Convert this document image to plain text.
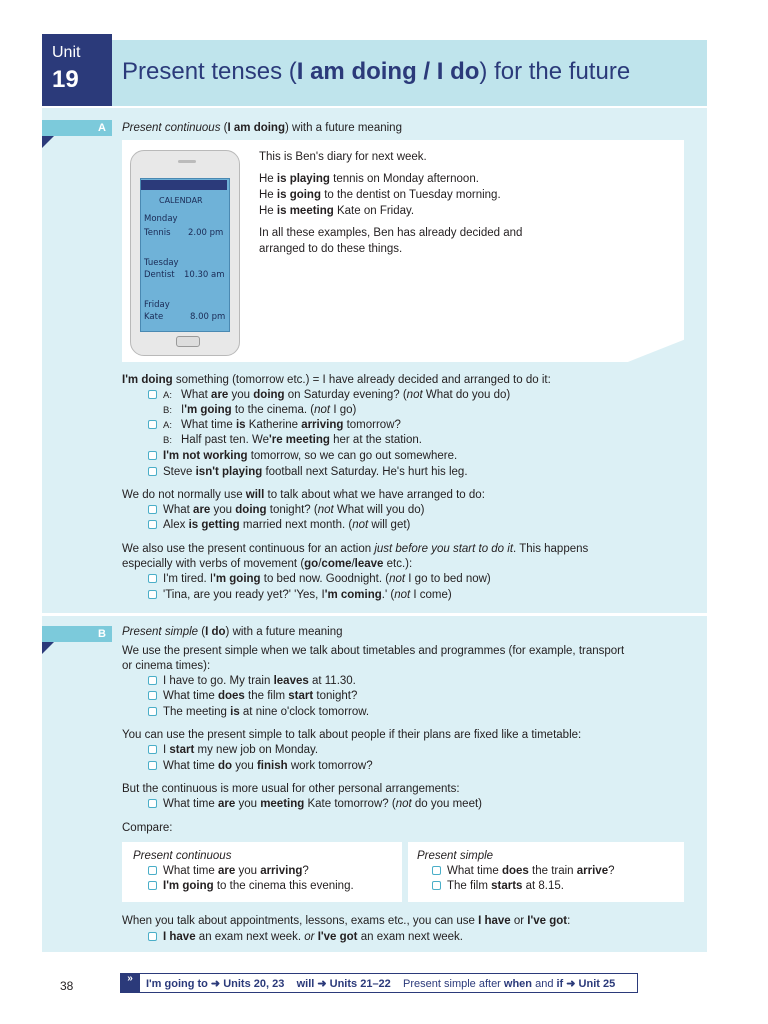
Unit
19 Present tenses (I am doing / I do) for the future
A	Present continuous (I am doing) with a future meaning
CALENDAR
Monday
Tennis 2.00 pm
Tuesday
Dentist 10.30 am
Friday
Kate	8.00 pm
This is Ben's diary for next week.
He is playing tennis on Monday afternoon.
He is going to the dentist on Tuesday morning.
He is meeting Kate on Friday.
In all these examples, Ben has already decided and
arranged to do these things.
I'm doing something (tomorrow etc.) = I have already decided and arranged to do it:
A: What are you doing on Saturday evening? (not What do you do)
B: I'm going to the cinema. (not I go)
A: What time is Katherine arriving tomorrow?
B: Half past ten. We're meeting her at the station.
I'm not working tomorrow, so we can go out somewhere.
Steve isn't playing football next Saturday. He's hurt his leg.
We do not normally use will to talk about what we have arranged to do:
What are you doing tonight? (not What will you do)
Alex is getting married next month. (not will get)
We also use the present continuous for an action just before you start to do it. This happens
especially with verbs of movement (go/come/leave etc.):
I'm tired. I'm going to bed now. Goodnight. (not I go to bed now)
'Tina, are you ready yet?' 'Yes, I'm coming.' (not I come)
B	Present simple (I do) with a future meaning
We use the present simple when we talk about timetables and programmes (for example, transport
or cinema times):
I have to go. My train leaves at 11.30.
What time does the film start tonight?
The meeting is at nine o'clock tomorrow.
You can use the present simple to talk about people if their plans are fixed like a timetable:
I start my new job on Monday.
What time do you finish work tomorrow?
But the continuous is more usual for other personal arrangements:
What time are you meeting Kate tomorrow? (not do you meet)
Compare:
Present continuous
What time are you arriving?
I'm going to the cinema this evening.
Present simple
What time does the train arrive?
The film starts at 8.15.
When you talk about appointments, lessons, exams etc., you can use I have or I've got:
I have an exam next week. or I've got an exam next week.
38
»	I'm going to ➜ Units 20, 23 will ➜ Units 21–22 Present simple after when and if ➜ Unit 25
